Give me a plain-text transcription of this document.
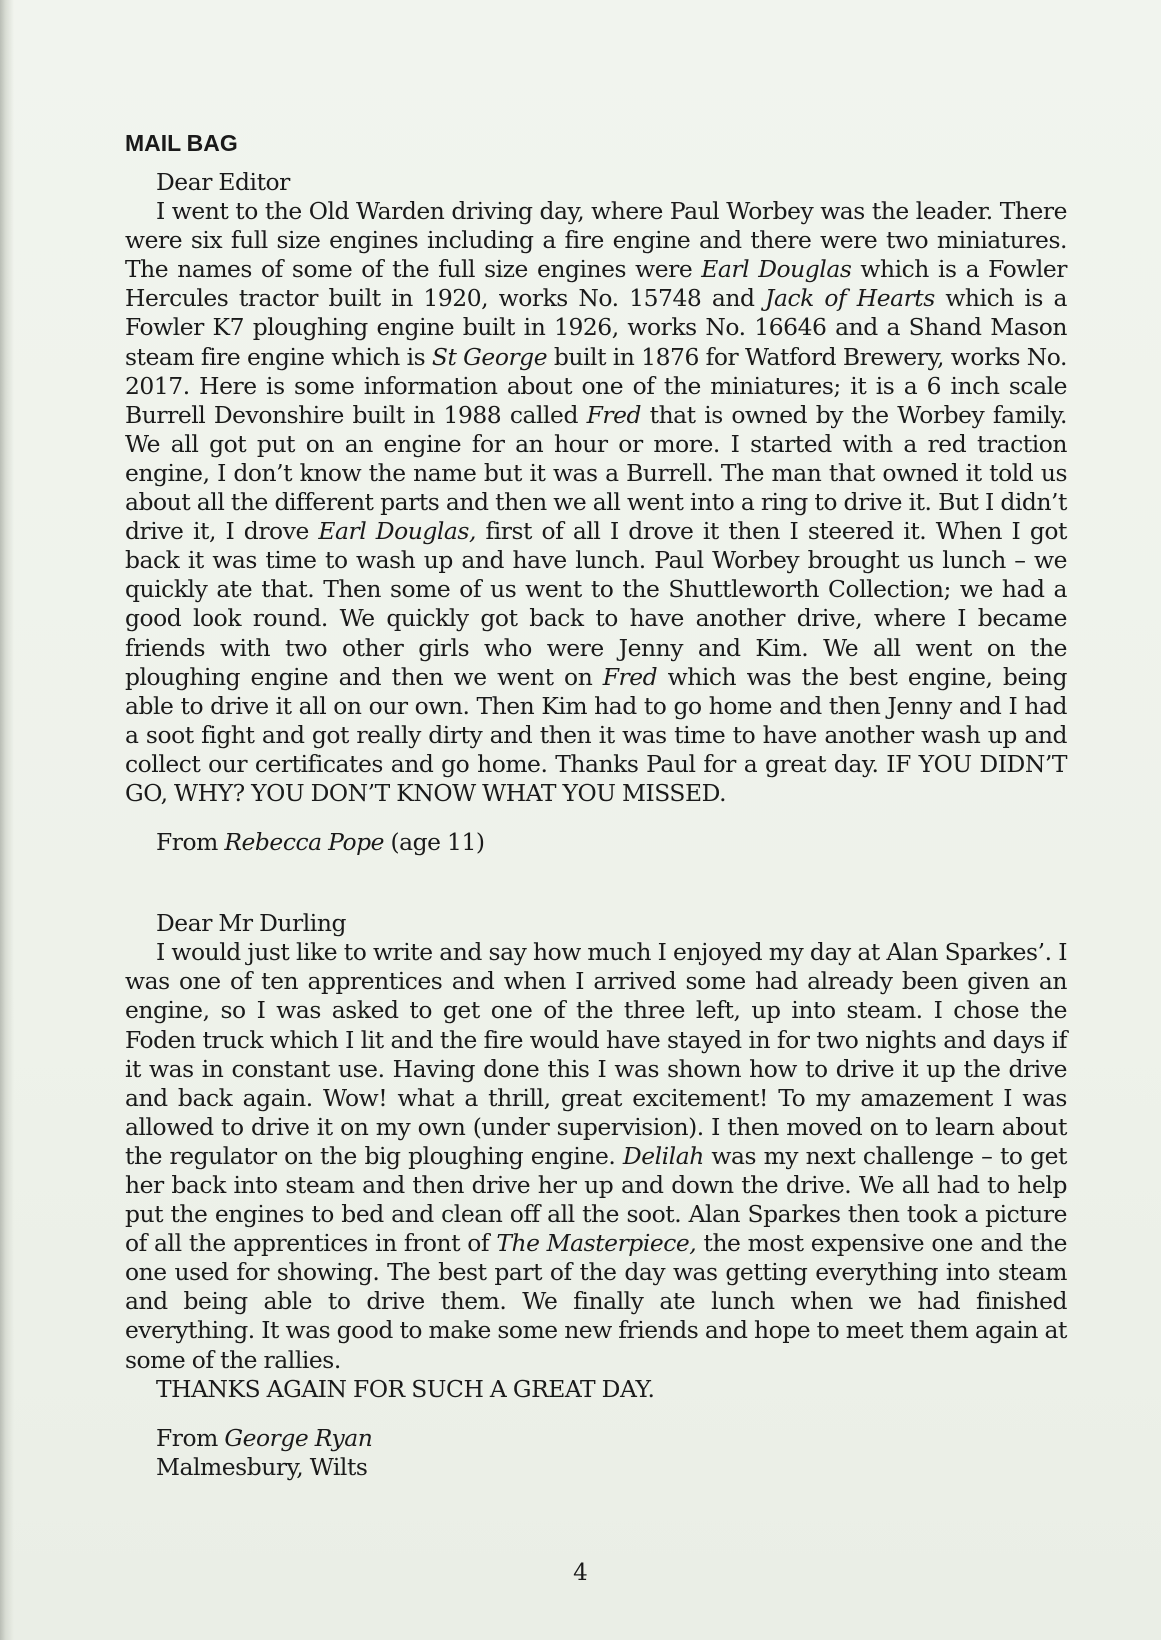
MAIL BAG

Dear Editor

I went to the Old Warden driving day, where Paul Worbey was the leader. There were six full size engines including a fire engine and there were two miniatures. The names of some of the full size engines were Earl Douglas which is a Fowler Hercules tractor built in 1920, works No. 15748 and Jack of Hearts which is a Fowler K7 ploughing engine built in 1926, works No. 16646 and a Shand Mason steam fire engine which is St George built in 1876 for Watford Brewery, works No. 2017. Here is some information about one of the miniatures; it is a 6 inch scale Burrell Devonshire built in 1988 called Fred that is owned by the Worbey family. We all got put on an engine for an hour or more. I started with a red traction engine, I don’t know the name but it was a Burrell. The man that owned it told us about all the different parts and then we all went into a ring to drive it. But I didn’t drive it, I drove Earl Douglas, first of all I drove it then I steered it. When I got back it was time to wash up and have lunch. Paul Worbey brought us lunch – we quickly ate that. Then some of us went to the Shuttleworth Collection; we had a good look round. We quickly got back to have another drive, where I became friends with two other girls who were Jenny and Kim. We all went on the ploughing engine and then we went on Fred which was the best engine, being able to drive it all on our own. Then Kim had to go home and then Jenny and I had a soot fight and got really dirty and then it was time to have another wash up and collect our certificates and go home. Thanks Paul for a great day. IF YOU DIDN’T GO, WHY? YOU DON’T KNOW WHAT YOU MISSED.

From Rebecca Pope (age 11)

Dear Mr Durling

I would just like to write and say how much I enjoyed my day at Alan Sparkes’. I was one of ten apprentices and when I arrived some had already been given an engine, so I was asked to get one of the three left, up into steam. I chose the Foden truck which I lit and the fire would have stayed in for two nights and days if it was in constant use. Having done this I was shown how to drive it up the drive and back again. Wow! what a thrill, great excitement! To my amazement I was allowed to drive it on my own (under supervision). I then moved on to learn about the regulator on the big ploughing engine. Delilah was my next challenge – to get her back into steam and then drive her up and down the drive. We all had to help put the engines to bed and clean off all the soot. Alan Sparkes then took a picture of all the apprentices in front of The Masterpiece, the most expensive one and the one used for showing. The best part of the day was getting everything into steam and being able to drive them. We finally ate lunch when we had finished everything. It was good to make some new friends and hope to meet them again at some of the rallies.

THANKS AGAIN FOR SUCH A GREAT DAY.

From George Ryan

Malmesbury, Wilts

4
